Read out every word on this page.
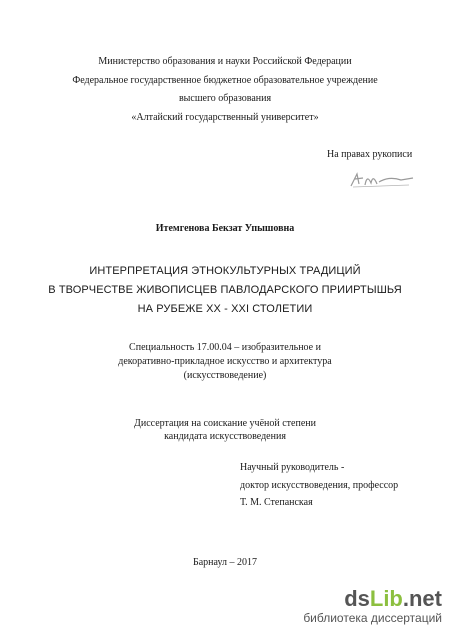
Министерство образования и науки Российской Федерации
Федеральное государственное бюджетное образовательное учреждение
высшего образования
«Алтайский государственный университет»
На правах рукописи
Итемгенова Бекзат Упышовна
ИНТЕРПРЕТАЦИЯ ЭТНОКУЛЬТУРНЫХ ТРАДИЦИЙ
В ТВОРЧЕСТВЕ ЖИВОПИСЦЕВ ПАВЛОДАРСКОГО ПРИИРТЫШЬЯ
НА РУБЕЖЕ XX - XXI СТОЛЕТИИ
Специальность 17.00.04 – изобразительное и
декоративно-прикладное искусство и архитектура
(искусствоведение)
Диссертация на соискание учёной степени
кандидата искусствоведения
Научный руководитель -
доктор искусствоведения, профессор
Т. М. Степанская
Барнаул – 2017
dsLib.net
библиотека диссертаций
